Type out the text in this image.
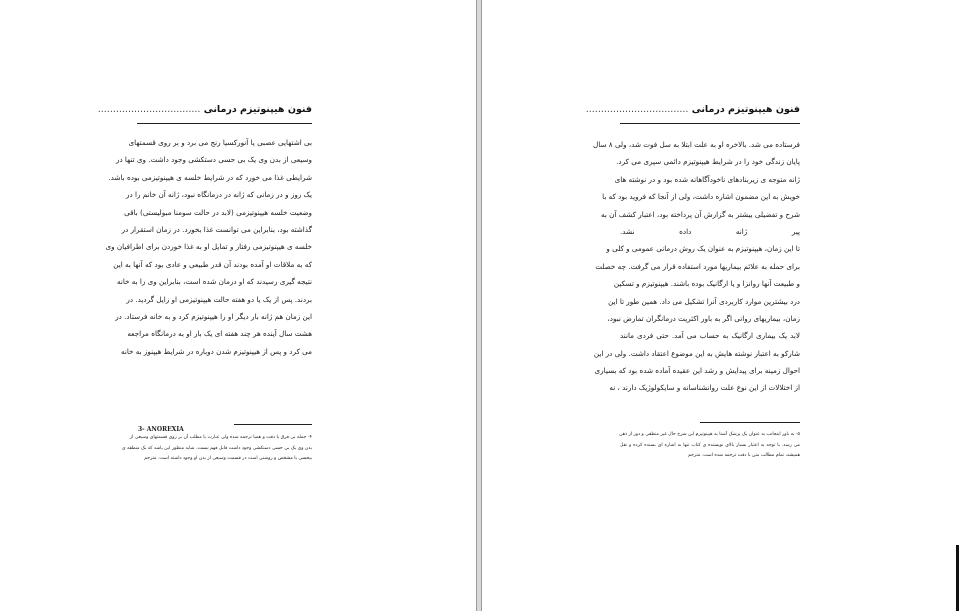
فنون هیپنوتیزم درمانی ..................................
بی اشتهایی عصبی یا آنورکسیا رنج می برد و بر روی قسمتهای
وسیعی از بدن وی یک بی حسی دستکشی وجود داشت. وی تنها در
شرایطی غذا می خورد که در شرایط خلسه ی هیپنوتیزمی بوده باشد.
یک روز و در زمانی که ژانه در درمانگاه نبود، ژانه آن خانم را در
وضعیت خلسه هیپنوتیزمی (لابد در حالت سومنا مبولیستی) باقی
گذاشته بود، بنابراین می توانست غذا بخورد. در زمان استقرار در
خلسه ی هیپنوتیزمی رفتار و تمایل او به غذا خوردن برای اطرافیان وی
که به ملاقات او آمده بودند آن قدر طبیعی و عادی بود که آنها به این
نتیجه گیری رسیدند که او درمان شده است، بنابراین وی را به خانه
بردند. پس از یک یا دو هفته حالت هیپنوتیزمی او زایل گردید. در
این زمان هم ژانه بار دیگر او را هیپنوتیزم کرد و به خانه فرستاد. در
هشت سال آینده هر چند هفته ای یک بار او به درمانگاه مراجعه
می کرد و پس از هیپنوتیزم شدن دوباره در شرایط هیپنوز به خانه
3- ANOREXIA
۴- جمله بی فرق با دقت و همیا ترجمه شده ولی عبارت یا مطلب آن بر روی قسمتهای وسیعی از
بدن وی یک بی حسی دستکشی وجود داشت قابل فهم نیست. شاید منظور این باشد که یک منطقه ی
بیحسی با مشخص و روشنی است در قسمت وسیعی از بدن او وجود داشته است. مترجم
فنون هیپنوتیزم درمانی ..................................
فرستاده می شد. بالاخره او به علت ابتلا به سل فوت شد، ولی ۸ سال
پایان زندگی خود را در شرایط هیپنوتیزم دائمی سپری می کرد.
ژانه متوجه ی زیربنادهای ناخودآگاهانه شده بود و در نوشته های
خویش به این مضمون اشاره داشت، ولی از آنجا که فروید بود که با
شرح و تفضیلی بیشتر به گزارش آن پرداخته بود، اعتبار کشف آن به
پیر ژانه داده نشد.
تا این زمان، هیپنوتیزم به عنوان یک روش درمانی عمومی و کلی و
برای حمله به علائم بیماریها مورد استفاده قرار می گرفت. چه خصلت
و طبیعت آنها روانزا و یا ارگانیک بوده باشند. هیپنوتیزم و تسکین
درد بیشترین موارد کاربردی آنرا تشکیل می داد. همین طور تا این
زمان، بیماریهای روانی اگر به باور اکثریت درمانگران تمارض نبود،
لابد یک بیماری ارگانیک به حساب می آمد. حتی فردی مانند
شارکو به اعتبار نوشته هایش به این موضوع اعتقاد داشت. ولی در این
احوال زمینه برای پیدایش و رشد این عقیده آماده شده بود که بسیاری
از اختلالات از این نوع علت روانشناسانه و سایکولوژیک دارند ، نه
۵- به باور اینجانب به عنوان یک پزشک آشنا به هیپنوتیزم این شرح حال غیر منطقی و دور از ذهن
می رسد. با توجه به اعتبار بسیار بالای نویسنده ی کتاب تنها به اشاره ای بسنده کرده و نقل
همیشه، تمام مطالب متن با دقت ترجمه شده است. مترجم
